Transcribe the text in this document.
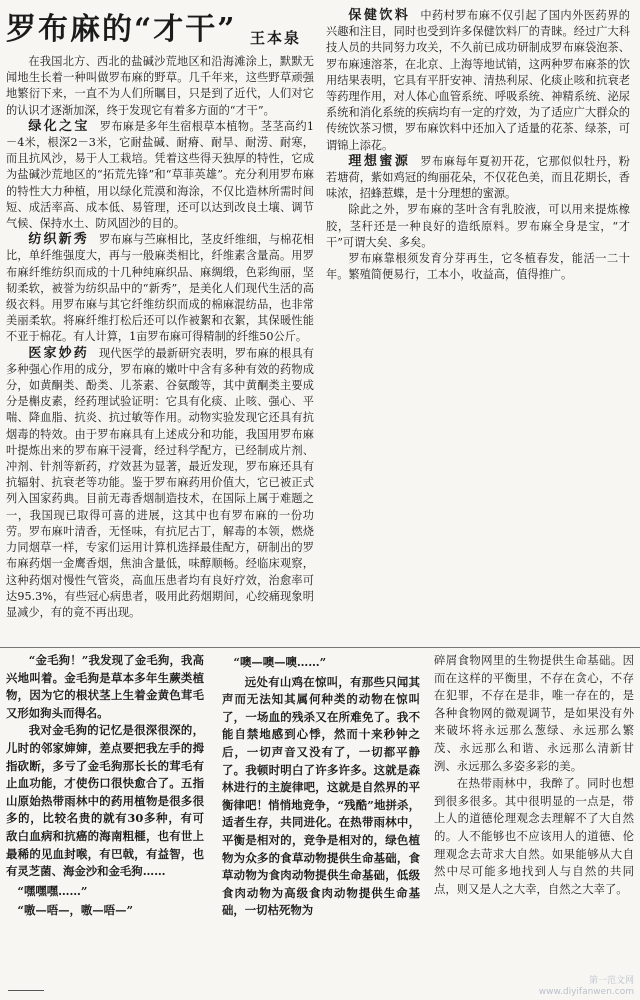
罗布麻的“才干” 王本泉

在我国北方、西北的盐碱沙荒地区和沿海滩涂上，默默无闻地生长着一种叫做罗布麻的野草。几千年来，这些野草顽强地繁衍下来，一直不为人们所瞩目，只是到了近代，人们对它的认识才逐渐加深，终于发现它有着多方面的“才干”。

绿化之宝 罗布麻是多年生宿根草本植物。茎茎高约1－4米，根深2－3米，它耐盐碱、耐瘠、耐旱、耐涝、耐寒，而且抗风沙，易于人工栽培。凭着这些得天独厚的特性，它成为盐碱沙荒地区的“拓荒先锋”和“草菲英雄”。充分利用罗布麻的特性大力种植，用以绿化荒漠和海涂，不仅比造林所需时间短、成活率高、成本低、易管理，还可以达到改良土壤、调节气候、保持水土、防风固沙的目的。

纺织新秀 罗布麻与苎麻相比，茎皮纤维细，与棉花相比，单纤维强度大，再与一般麻类相比，纤维素含量高。用罗布麻纤维纺织而成的十几种纯麻织品、麻绸缎，色彩绚丽，坚韧柔软，被誉为纺织品中的“新秀”，是美化人们现代生活的高级衣料。用罗布麻与其它纤维纺织而成的棉麻混纺品，也非常美丽柔软。将麻纤维打松后还可以作被絮和衣絮，其保暖性能不亚于棉花。有人计算，1亩罗布麻可得精制的纤维50公斤。

医家妙药 现代医学的最新研究表明，罗布麻的根具有多种强心作用的成分，罗布麻的嫩叶中含有多种有效的药物成分，如黄酮类、酚类、儿茶素、谷氨酸等，其中黄酮类主要成分是槲皮素，经药理试验证明：它具有化痰、止咳、强心、平喘、降血脂、抗炎、抗过敏等作用。动物实验发现它还具有抗烟毒的特效。由于罗布麻具有上述成分和功能，我国用罗布麻叶提炼出来的罗布麻干浸膏，经过科学配方，已经制成片剂、冲剂、针剂等新药，疗效甚为显著，最近发现，罗布麻还具有抗辐射、抗衰老等功能。鉴于罗布麻药用价值大，它已被正式列入国家药典。目前无毒香烟制造技术，在国际上属于难题之一，我国现已取得可喜的进展，这其中也有罗布麻的一份功劳。罗布麻叶清香，无怪味，有抗尼古丁，解毒的本领，燃烧力同烟草一样，专家们运用计算机选择最佳配方，研制出的罗布麻药烟一金鹰香烟，焦油含量低，味醇顺畅。经临床观察，这种药烟对慢性气管炎，高血压患者均有良好疗效，治愈率可达95.3%，有些冠心病患者，吸用此药烟期间，心绞痛现象明显减少，有的竟不再出现。

保健饮料 中药村罗布麻不仅引起了国内外医药界的兴趣和注目，同时也受到许多保健饮料厂的青睐。经过广大科技人员的共同努力攻关，不久前已成功研制成罗布麻袋泡茶、罗布麻速溶茶，在北京、上海等地试销，这两种罗布麻茶的饮用结果表明，它具有平肝安神、清热利尿、化痰止咳和抗衰老等药理作用，对人体心血管系统、呼吸系统、神精系统、泌尿系统和消化系统的疾病均有一定的疗效，为了适应广大群众的传统饮茶习惯，罗布麻饮料中还加入了适量的花茶、绿茶，可谓锦上添花。

理想蜜源 罗布麻每年夏初开花，它那似似牡丹，粉若塘荷，紫如鸡冠的绚丽花朵，不仅花色美，而且花期长，香味浓，招蜂惹蝶，是十分理想的蜜源。

除此之外，罗布麻的茎叶含有乳胶液，可以用来提炼橡胶，茎秆还是一种良好的造纸原料。罗布麻全身是宝，“才干”可谓大矣、多矣。

罗布麻靠根须发育分芽再生，它冬植春发，能活一二十年。繁殖简便易行，工本小，收益高，值得推广。

“金毛狗！”我发现了金毛狗，我高兴地叫着。金毛狗是草本多年生蕨类植物，因为它的根状茎上生着金黄色茸毛又形如狗头而得名。

我对金毛狗的记忆是很深很深的，儿时的邻家婶婶，差点要把我左手的拇指砍断，多亏了金毛狗那长长的茸毛有止血功能，才使伤口很快愈合了。五指山原始热带雨林中的药用植物是很多很多的，比较名贵的就有30多种，有可敌白血病和抗癌的海南粗榧，也有世上最稀的见血封喉，有巴戟，有益智，也有灵芝菌、海金沙和金毛狗……

“嘿嘿嘿……”

“嗷—唔—，嗷—唔—”

“噢—噢—噢……”

远处有山鸡在惊叫，有那些只闻其声而无法知其属何种类的动物在惊叫了，一场血的残杀又在所难免了。我不能自禁地感到心悸，然而十来秒钟之后，一切声音又没有了，一切都平静了。我顿时明白了许多许多。这就是森林进行的主旋律吧，这就是自然界的平衡律吧！悄悄地竞争，“残酷”地拼杀，适者生存，共同进化。在热带雨林中，平衡是相对的，竞争是相对的，绿色植物为众多的食草动物提供生命基础，食草动物为食肉动物提供生命基础，低级食肉动物为高级食肉动物提供生命基础，一切枯死物为

碎屑食物网里的生物提供生命基础。因而在这样的平衡里，不存在贪心，不存在犯罪，不存在是非，唯一存在的，是各种食物网的微观调节，是如果没有外来破坏将永远那么葱绿、永远那么繁茂、永远那么和谐、永远那么清新甘洌、永远那么多姿多彩的美。

在热带雨林中，我醉了。同时也想到很多很多。其中很明显的一点是，带上人的道德伦理观念去理解不了大自然的。人不能够也不应该用人的道德、伦理观念去苛求大自然。如果能够从大自然中尽可能多地找到人与自然的共同点，则又是人之大幸，自然之大幸了。

第一范文网
www.diyifanwen.com
